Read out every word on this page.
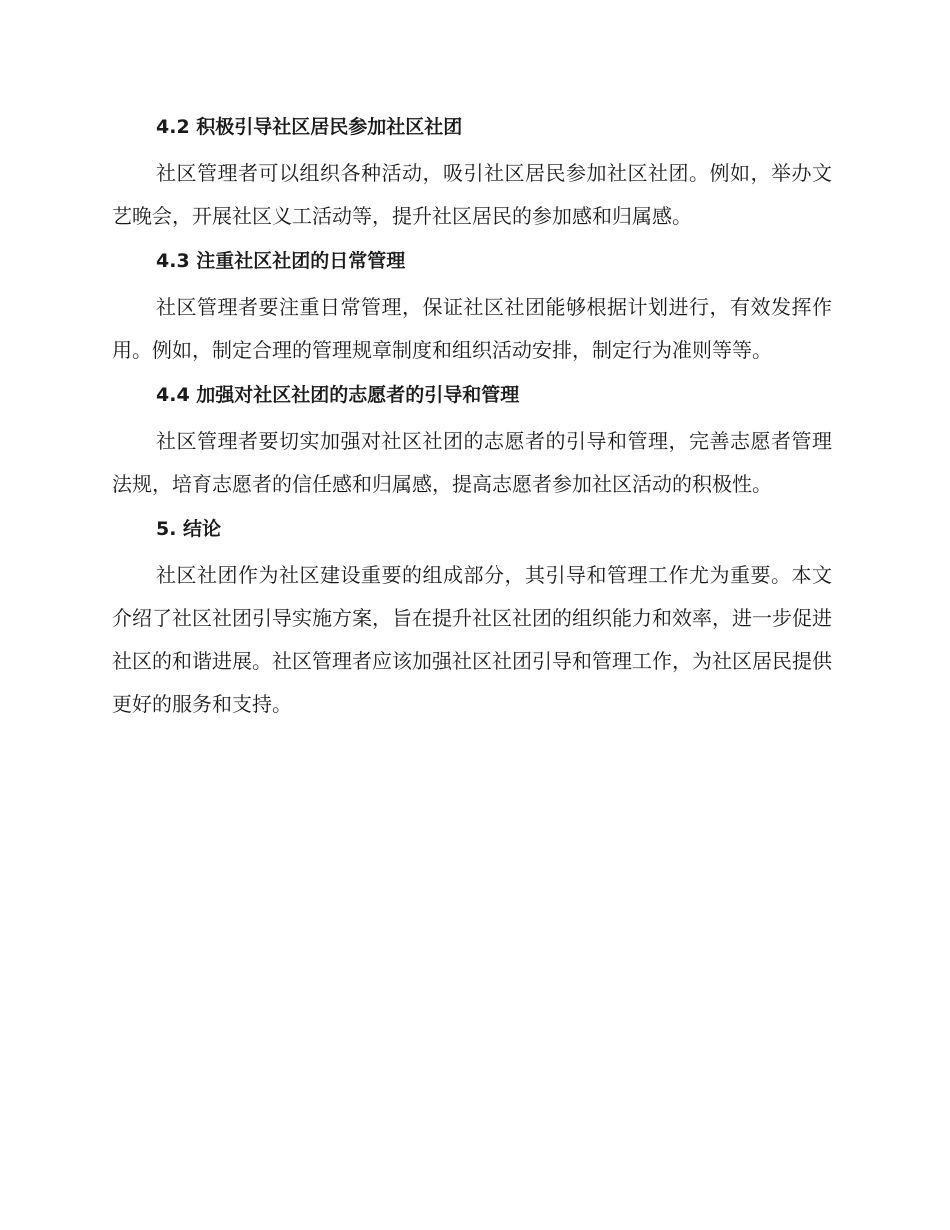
4.2 积极引导社区居民参加社区社团

社区管理者可以组织各种活动，吸引社区居民参加社区社团。例如，举办文艺晚会，开展社区义工活动等，提升社区居民的参加感和归属感。

4.3 注重社区社团的日常管理

社区管理者要注重日常管理，保证社区社团能够根据计划进行，有效发挥作用。例如，制定合理的管理规章制度和组织活动安排，制定行为准则等等。

4.4 加强对社区社团的志愿者的引导和管理

社区管理者要切实加强对社区社团的志愿者的引导和管理，完善志愿者管理法规，培育志愿者的信任感和归属感，提高志愿者参加社区活动的积极性。

5. 结论

社区社团作为社区建设重要的组成部分，其引导和管理工作尤为重要。本文介绍了社区社团引导实施方案，旨在提升社区社团的组织能力和效率，进一步促进社区的和谐进展。社区管理者应该加强社区社团引导和管理工作，为社区居民提供更好的服务和支持。
